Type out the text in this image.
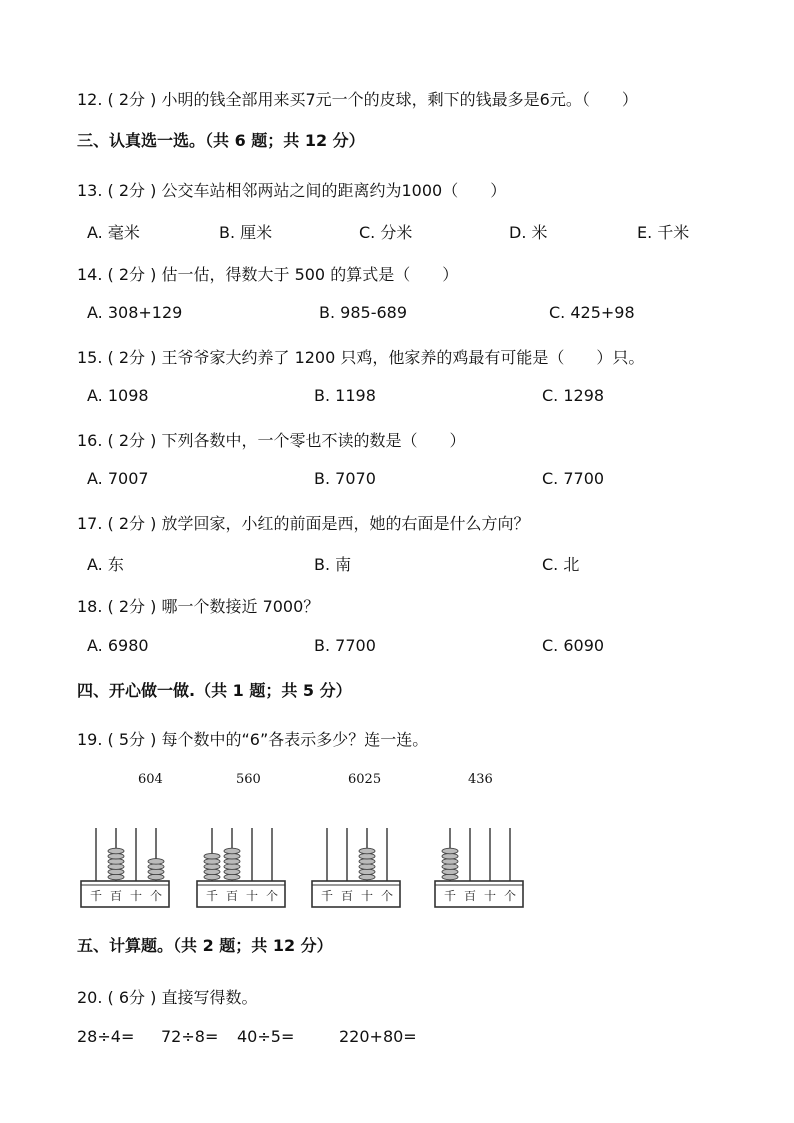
12. ( 2分 ) 小明的钱全部用来买7元一个的皮球，剩下的钱最多是6元。（　　）
三、认真选一选。（共 6 题；共 12 分）
13. ( 2分 ) 公交车站相邻两站之间的距离约为1000（　　）
A. 毫米	B. 厘米	C. 分米	D. 米	E. 千米
14. ( 2分 ) 估一估，得数大于 500 的算式是（　　）
A. 308+129	B. 985-689	C. 425+98
15. ( 2分 ) 王爷爷家大约养了 1200 只鸡，他家养的鸡最有可能是（　　）只。
A. 1098	B. 1198	C. 1298
16. ( 2分 ) 下列各数中，一个零也不读的数是（　　）
A. 7007	B. 7070	C. 7700
17. ( 2分 ) 放学回家，小红的前面是西，她的右面是什么方向？
A. 东	B. 南	C. 北
18. ( 2分 ) 哪一个数接近 7000？
A. 6980	B. 7700	C. 6090
四、开心做一做.（共 1 题；共 5 分）
19. ( 5分 ) 每个数中的“6”各表示多少？连一连。
604
千 百 十 个
560
千 百 十 个
6025
千 百 十 个
436
千 百 十 个
五、计算题。（共 2 题；共 12 分）
20. ( 6分 ) 直接写得数。
28÷4= 72÷8= 40÷5=	220+80=
